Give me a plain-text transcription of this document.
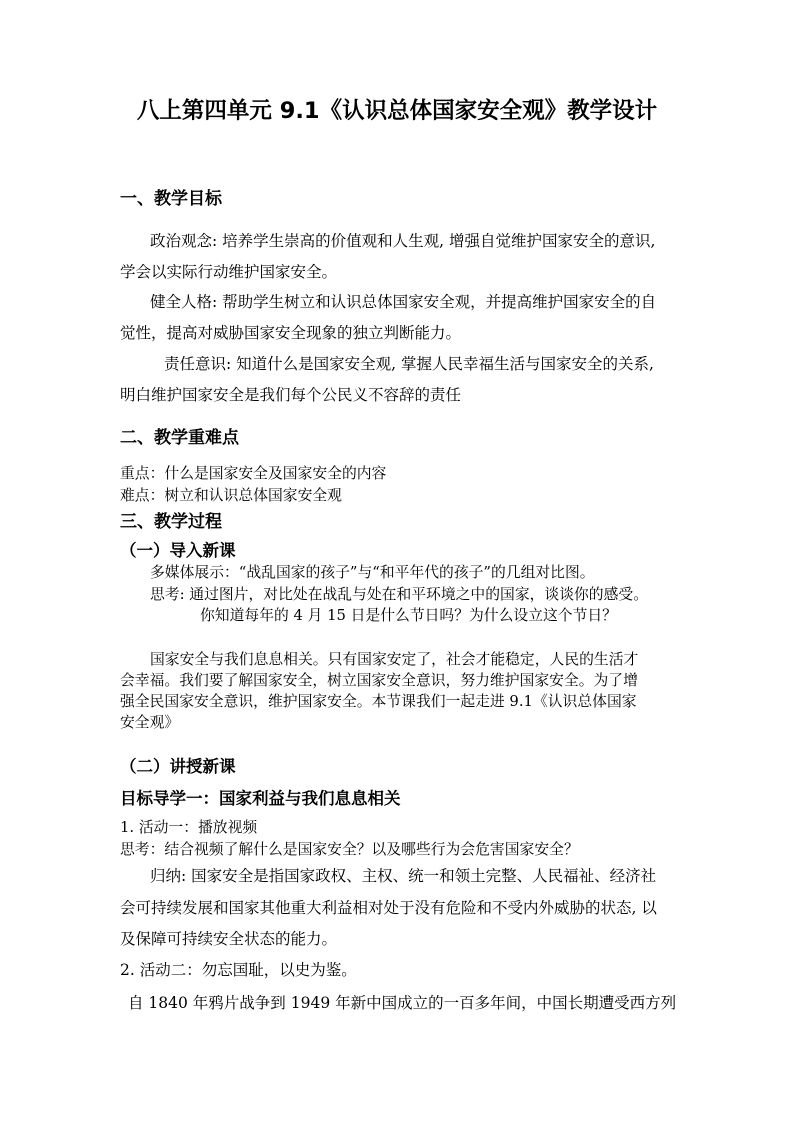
八上第四单元 9.1《认识总体国家安全观》教学设计

一、教学目标

政治观念: 培养学生崇高的价值观和人生观, 增强自觉维护国家安全的意识,

学会以实际行动维护国家安全。

健全人格: 帮助学生树立和认识总体国家安全观，并提高维护国家安全的自

觉性，提高对威胁国家安全现象的独立判断能力。

责任意识: 知道什么是国家安全观, 掌握人民幸福生活与国家安全的关系,

明白维护国家安全是我们每个公民义不容辞的责任

二、教学重难点

重点：什么是国家安全及国家安全的内容

难点：树立和认识总体国家安全观

三、教学过程

（一）导入新课

多媒体展示：“战乱国家的孩子”与“和平年代的孩子”的几组对比图。

思考: 通过图片，对比处在战乱与处在和平环境之中的国家，谈谈你的感受。

你知道每年的 4 月 15 日是什么节日吗？为什么设立这个节日？

国家安全与我们息息相关。只有国家安定了，社会才能稳定，人民的生活才

会幸福。我们要了解国家安全，树立国家安全意识，努力维护国家安全。为了增

强全民国家安全意识，维护国家安全。本节课我们一起走进 9.1《认识总体国家

安全观》

（二）讲授新课

目标导学一：国家利益与我们息息相关

1. 活动一：播放视频

思考：结合视频了解什么是国家安全？以及哪些行为会危害国家安全？

归纳: 国家安全是指国家政权、主权、统一和领土完整、人民福祉、经济社

会可持续发展和国家其他重大利益相对处于没有危险和不受内外威胁的状态, 以

及保障可持续安全状态的能力。

2. 活动二：勿忘国耻，以史为鉴。

自 1840 年鸦片战争到 1949 年新中国成立的一百多年间，中国长期遭受西方列
